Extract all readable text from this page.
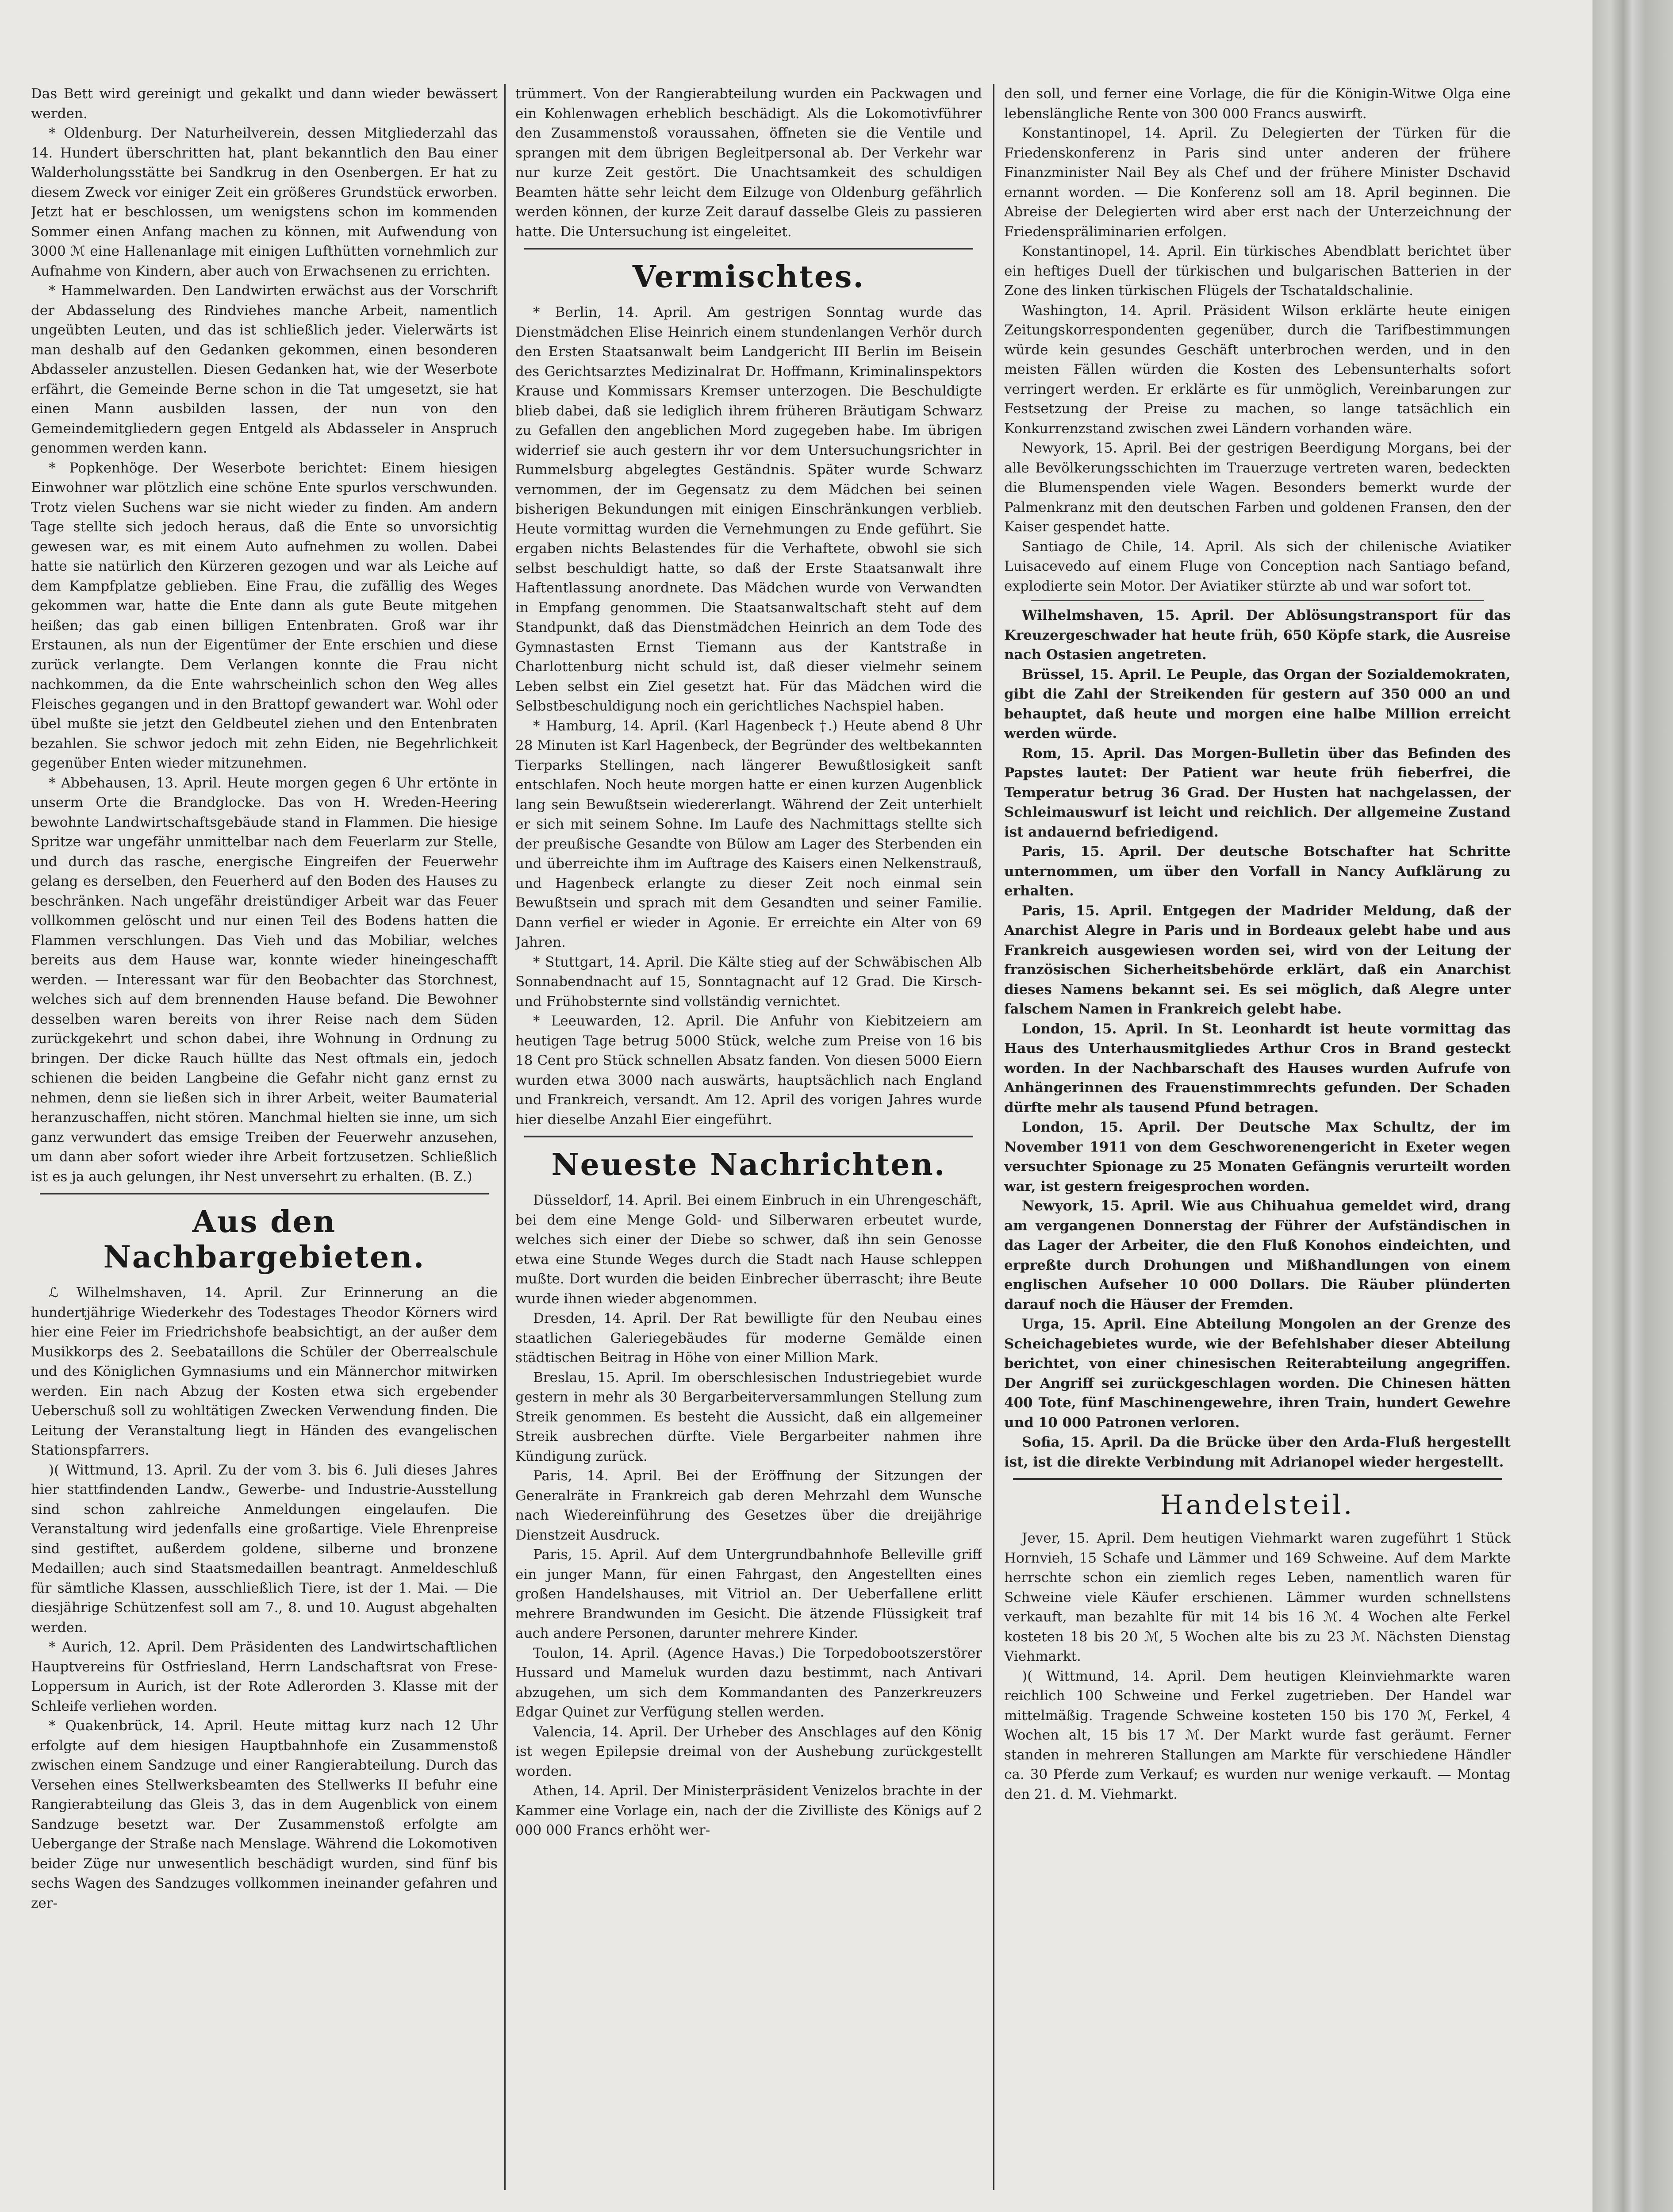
Das Bett wird gereinigt und gekalkt und dann wieder bewässert werden.

* Oldenburg. Der Naturheilverein, dessen Mitgliederzahl das 14. Hundert überschritten hat, plant bekanntlich den Bau einer Walderholungsstätte bei Sandkrug in den Osenbergen. Er hat zu diesem Zweck vor einiger Zeit ein größeres Grundstück erworben. Jetzt hat er beschlossen, um wenigstens schon im kommenden Sommer einen Anfang machen zu können, mit Aufwendung von 3000 ℳ eine Hallenanlage mit einigen Lufthütten vornehmlich zur Aufnahme von Kindern, aber auch von Erwachsenen zu errichten.

* Hammelwarden. Den Landwirten erwächst aus der Vorschrift der Abdasselung des Rindviehes manche Arbeit, namentlich ungeübten Leuten, und das ist schließlich jeder. Vielerwärts ist man deshalb auf den Gedanken gekommen, einen besonderen Abdasseler anzustellen. Diesen Gedanken hat, wie der Weserbote erfährt, die Gemeinde Berne schon in die Tat umgesetzt, sie hat einen Mann ausbilden lassen, der nun von den Gemeindemitgliedern gegen Entgeld als Abdasseler in Anspruch genommen werden kann.

* Popkenhöge. Der Weserbote berichtet: Einem hiesigen Einwohner war plötzlich eine schöne Ente spurlos verschwunden. Trotz vielen Suchens war sie nicht wieder zu finden. Am andern Tage stellte sich jedoch heraus, daß die Ente so unvorsichtig gewesen war, es mit einem Auto aufnehmen zu wollen. Dabei hatte sie natürlich den Kürzeren gezogen und war als Leiche auf dem Kampfplatze geblieben. Eine Frau, die zufällig des Weges gekommen war, hatte die Ente dann als gute Beute mitgehen heißen; das gab einen billigen Entenbraten. Groß war ihr Erstaunen, als nun der Eigentümer der Ente erschien und diese zurück verlangte. Dem Verlangen konnte die Frau nicht nachkommen, da die Ente wahrscheinlich schon den Weg alles Fleisches gegangen und in den Brattopf gewandert war. Wohl oder übel mußte sie jetzt den Geldbeutel ziehen und den Entenbraten bezahlen. Sie schwor jedoch mit zehn Eiden, nie Begehrlichkeit gegenüber Enten wieder mitzunehmen.

* Abbehausen, 13. April. Heute morgen gegen 6 Uhr ertönte in unserm Orte die Brandglocke. Das von H. Wreden-Heering bewohnte Landwirtschaftsgebäude stand in Flammen. Die hiesige Spritze war ungefähr unmittelbar nach dem Feuerlarm zur Stelle, und durch das rasche, energische Eingreifen der Feuerwehr gelang es derselben, den Feuerherd auf den Boden des Hauses zu beschränken. Nach ungefähr dreistündiger Arbeit war das Feuer vollkommen gelöscht und nur einen Teil des Bodens hatten die Flammen verschlungen. Das Vieh und das Mobiliar, welches bereits aus dem Hause war, konnte wieder hineingeschafft werden. — Interessant war für den Beobachter das Storchnest, welches sich auf dem brennenden Hause befand. Die Bewohner desselben waren bereits von ihrer Reise nach dem Süden zurückgekehrt und schon dabei, ihre Wohnung in Ordnung zu bringen. Der dicke Rauch hüllte das Nest oftmals ein, jedoch schienen die beiden Langbeine die Gefahr nicht ganz ernst zu nehmen, denn sie ließen sich in ihrer Arbeit, weiter Baumaterial heranzuschaffen, nicht stören. Manchmal hielten sie inne, um sich ganz verwundert das emsige Treiben der Feuerwehr anzusehen, um dann aber sofort wieder ihre Arbeit fortzusetzen. Schließlich ist es ja auch gelungen, ihr Nest unversehrt zu erhalten. (B. Z.)

Aus den Nachbargebieten.

ℒ Wilhelmshaven, 14. April. Zur Erinnerung an die hundertjährige Wiederkehr des Todestages Theodor Körners wird hier eine Feier im Friedrichshofe beabsichtigt, an der außer dem Musikkorps des 2. Seebataillons die Schüler der Oberrealschule und des Königlichen Gymnasiums und ein Männerchor mitwirken werden. Ein nach Abzug der Kosten etwa sich ergebender Ueberschuß soll zu wohltätigen Zwecken Verwendung finden. Die Leitung der Veranstaltung liegt in Händen des evangelischen Stationspfarrers.

)( Wittmund, 13. April. Zu der vom 3. bis 6. Juli dieses Jahres hier stattfindenden Landw., Gewerbe- und Industrie-Ausstellung sind schon zahlreiche Anmeldungen eingelaufen. Die Veranstaltung wird jedenfalls eine großartige. Viele Ehrenpreise sind gestiftet, außerdem goldene, silberne und bronzene Medaillen; auch sind Staatsmedaillen beantragt. Anmeldeschluß für sämtliche Klassen, ausschließlich Tiere, ist der 1. Mai. — Die diesjährige Schützenfest soll am 7., 8. und 10. August abgehalten werden.

* Aurich, 12. April. Dem Präsidenten des Landwirtschaftlichen Hauptvereins für Ostfriesland, Herrn Landschaftsrat von Frese-Loppersum in Aurich, ist der Rote Adlerorden 3. Klasse mit der Schleife verliehen worden.

* Quakenbrück, 14. April. Heute mittag kurz nach 12 Uhr erfolgte auf dem hiesigen Hauptbahnhofe ein Zusammenstoß zwischen einem Sandzuge und einer Rangierabteilung. Durch das Versehen eines Stellwerksbeamten des Stellwerks II befuhr eine Rangierabteilung das Gleis 3, das in dem Augenblick von einem Sandzuge besetzt war. Der Zusammenstoß erfolgte am Uebergange der Straße nach Menslage. Während die Lokomotiven beider Züge nur unwesentlich beschädigt wurden, sind fünf bis sechs Wagen des Sandzuges vollkommen ineinander gefahren und zer-

trümmert. Von der Rangierabteilung wurden ein Packwagen und ein Kohlenwagen erheblich beschädigt. Als die Lokomotivführer den Zusammenstoß voraussahen, öffneten sie die Ventile und sprangen mit dem übrigen Begleitpersonal ab. Der Verkehr war nur kurze Zeit gestört. Die Unachtsamkeit des schuldigen Beamten hätte sehr leicht dem Eilzuge von Oldenburg gefährlich werden können, der kurze Zeit darauf dasselbe Gleis zu passieren hatte. Die Untersuchung ist eingeleitet.

Vermischtes.

* Berlin, 14. April. Am gestrigen Sonntag wurde das Dienstmädchen Elise Heinrich einem stundenlangen Verhör durch den Ersten Staatsanwalt beim Landgericht III Berlin im Beisein des Gerichtsarztes Medizinalrat Dr. Hoffmann, Kriminalinspektors Krause und Kommissars Kremser unterzogen. Die Beschuldigte blieb dabei, daß sie lediglich ihrem früheren Bräutigam Schwarz zu Gefallen den angeblichen Mord zugegeben habe. Im übrigen widerrief sie auch gestern ihr vor dem Untersuchungsrichter in Rummelsburg abgelegtes Geständnis. Später wurde Schwarz vernommen, der im Gegensatz zu dem Mädchen bei seinen bisherigen Bekundungen mit einigen Einschränkungen verblieb. Heute vormittag wurden die Vernehmungen zu Ende geführt. Sie ergaben nichts Belastendes für die Verhaftete, obwohl sie sich selbst beschuldigt hatte, so daß der Erste Staatsanwalt ihre Haftentlassung anordnete. Das Mädchen wurde von Verwandten in Empfang genommen. Die Staatsanwaltschaft steht auf dem Standpunkt, daß das Dienstmädchen Heinrich an dem Tode des Gymnastasten Ernst Tiemann aus der Kantstraße in Charlottenburg nicht schuld ist, daß dieser vielmehr seinem Leben selbst ein Ziel gesetzt hat. Für das Mädchen wird die Selbstbeschuldigung noch ein gerichtliches Nachspiel haben.

* Hamburg, 14. April. (Karl Hagenbeck †.) Heute abend 8 Uhr 28 Minuten ist Karl Hagenbeck, der Begründer des weltbekannten Tierparks Stellingen, nach längerer Bewußtlosigkeit sanft entschlafen. Noch heute morgen hatte er einen kurzen Augenblick lang sein Bewußtsein wiedererlangt. Während der Zeit unterhielt er sich mit seinem Sohne. Im Laufe des Nachmittags stellte sich der preußische Gesandte von Bülow am Lager des Sterbenden ein und überreichte ihm im Auftrage des Kaisers einen Nelkenstrauß, und Hagenbeck erlangte zu dieser Zeit noch einmal sein Bewußtsein und sprach mit dem Gesandten und seiner Familie. Dann verfiel er wieder in Agonie. Er erreichte ein Alter von 69 Jahren.

* Stuttgart, 14. April. Die Kälte stieg auf der Schwäbischen Alb Sonnabendnacht auf 15, Sonntagnacht auf 12 Grad. Die Kirsch- und Frühobsternte sind vollständig vernichtet.

* Leeuwarden, 12. April. Die Anfuhr von Kiebitzeiern am heutigen Tage betrug 5000 Stück, welche zum Preise von 16 bis 18 Cent pro Stück schnellen Absatz fanden. Von diesen 5000 Eiern wurden etwa 3000 nach auswärts, hauptsächlich nach England und Frankreich, versandt. Am 12. April des vorigen Jahres wurde hier dieselbe Anzahl Eier eingeführt.

Neueste Nachrichten.

Düsseldorf, 14. April. Bei einem Einbruch in ein Uhrengeschäft, bei dem eine Menge Gold- und Silberwaren erbeutet wurde, welches sich einer der Diebe so schwer, daß ihn sein Genosse etwa eine Stunde Weges durch die Stadt nach Hause schleppen mußte. Dort wurden die beiden Einbrecher überrascht; ihre Beute wurde ihnen wieder abgenommen.

Dresden, 14. April. Der Rat bewilligte für den Neubau eines staatlichen Galeriegebäudes für moderne Gemälde einen städtischen Beitrag in Höhe von einer Million Mark.

Breslau, 15. April. Im oberschlesischen Industriegebiet wurde gestern in mehr als 30 Bergarbeiterversammlungen Stellung zum Streik genommen. Es besteht die Aussicht, daß ein allgemeiner Streik ausbrechen dürfte. Viele Bergarbeiter nahmen ihre Kündigung zurück.

Paris, 14. April. Bei der Eröffnung der Sitzungen der Generalräte in Frankreich gab deren Mehrzahl dem Wunsche nach Wiedereinführung des Gesetzes über die dreijährige Dienstzeit Ausdruck.

Paris, 15. April. Auf dem Untergrundbahnhofe Belleville griff ein junger Mann, für einen Fahrgast, den Angestellten eines großen Handelshauses, mit Vitriol an. Der Ueberfallene erlitt mehrere Brandwunden im Gesicht. Die ätzende Flüssigkeit traf auch andere Personen, darunter mehrere Kinder.

Toulon, 14. April. (Agence Havas.) Die Torpedobootszerstörer Hussard und Mameluk wurden dazu bestimmt, nach Antivari abzugehen, um sich dem Kommandanten des Panzerkreuzers Edgar Quinet zur Verfügung stellen werden.

Valencia, 14. April. Der Urheber des Anschlages auf den König ist wegen Epilepsie dreimal von der Aushebung zurückgestellt worden.

Athen, 14. April. Der Ministerpräsident Venizelos brachte in der Kammer eine Vorlage ein, nach der die Zivilliste des Königs auf 2 000 000 Francs erhöht wer-

den soll, und ferner eine Vorlage, die für die Königin-Witwe Olga eine lebenslängliche Rente von 300 000 Francs auswirft.

Konstantinopel, 14. April. Zu Delegierten der Türken für die Friedenskonferenz in Paris sind unter anderen der frühere Finanzminister Nail Bey als Chef und der frühere Minister Dschavid ernannt worden. — Die Konferenz soll am 18. April beginnen. Die Abreise der Delegierten wird aber erst nach der Unterzeichnung der Friedenspräliminarien erfolgen.

Konstantinopel, 14. April. Ein türkisches Abendblatt berichtet über ein heftiges Duell der türkischen und bulgarischen Batterien in der Zone des linken türkischen Flügels der Tschataldschalinie.

Washington, 14. April. Präsident Wilson erklärte heute einigen Zeitungskorrespondenten gegenüber, durch die Tarifbestimmungen würde kein gesundes Geschäft unterbrochen werden, und in den meisten Fällen würden die Kosten des Lebensunterhalts sofort verringert werden. Er erklärte es für unmöglich, Vereinbarungen zur Festsetzung der Preise zu machen, so lange tatsächlich ein Konkurrenzstand zwischen zwei Ländern vorhanden wäre.

Newyork, 15. April. Bei der gestrigen Beerdigung Morgans, bei der alle Bevölkerungsschichten im Trauerzuge vertreten waren, bedeckten die Blumenspenden viele Wagen. Besonders bemerkt wurde der Palmenkranz mit den deutschen Farben und goldenen Fransen, den der Kaiser gespendet hatte.

Santiago de Chile, 14. April. Als sich der chilenische Aviatiker Luisacevedo auf einem Fluge von Conception nach Santiago befand, explodierte sein Motor. Der Aviatiker stürzte ab und war sofort tot.

Wilhelmshaven, 15. April. Der Ablösungstransport für das Kreuzergeschwader hat heute früh, 650 Köpfe stark, die Ausreise nach Ostasien angetreten.

Brüssel, 15. April. Le Peuple, das Organ der Sozialdemokraten, gibt die Zahl der Streikenden für gestern auf 350 000 an und behauptet, daß heute und morgen eine halbe Million erreicht werden würde.

Rom, 15. April. Das Morgen-Bulletin über das Befinden des Papstes lautet: Der Patient war heute früh fieberfrei, die Temperatur betrug 36 Grad. Der Husten hat nachgelassen, der Schleimauswurf ist leicht und reichlich. Der allgemeine Zustand ist andauernd befriedigend.

Paris, 15. April. Der deutsche Botschafter hat Schritte unternommen, um über den Vorfall in Nancy Aufklärung zu erhalten.

Paris, 15. April. Entgegen der Madrider Meldung, daß der Anarchist Alegre in Paris und in Bordeaux gelebt habe und aus Frankreich ausgewiesen worden sei, wird von der Leitung der französischen Sicherheitsbehörde erklärt, daß ein Anarchist dieses Namens bekannt sei. Es sei möglich, daß Alegre unter falschem Namen in Frankreich gelebt habe.

London, 15. April. In St. Leonhardt ist heute vormittag das Haus des Unterhausmitgliedes Arthur Cros in Brand gesteckt worden. In der Nachbarschaft des Hauses wurden Aufrufe von Anhängerinnen des Frauenstimmrechts gefunden. Der Schaden dürfte mehr als tausend Pfund betragen.

London, 15. April. Der Deutsche Max Schultz, der im November 1911 von dem Geschworenengericht in Exeter wegen versuchter Spionage zu 25 Monaten Gefängnis verurteilt worden war, ist gestern freigesprochen worden.

Newyork, 15. April. Wie aus Chihuahua gemeldet wird, drang am vergangenen Donnerstag der Führer der Aufständischen in das Lager der Arbeiter, die den Fluß Konohos eindeichten, und erpreßte durch Drohungen und Mißhandlungen von einem englischen Aufseher 10 000 Dollars. Die Räuber plünderten darauf noch die Häuser der Fremden.

Urga, 15. April. Eine Abteilung Mongolen an der Grenze des Scheichagebietes wurde, wie der Befehlshaber dieser Abteilung berichtet, von einer chinesischen Reiterabteilung angegriffen. Der Angriff sei zurückgeschlagen worden. Die Chinesen hätten 400 Tote, fünf Maschinengewehre, ihren Train, hundert Gewehre und 10 000 Patronen verloren.

Sofia, 15. April. Da die Brücke über den Arda-Fluß hergestellt ist, ist die direkte Verbindung mit Adrianopel wieder hergestellt.

Handelsteil.

Jever, 15. April. Dem heutigen Viehmarkt waren zugeführt 1 Stück Hornvieh, 15 Schafe und Lämmer und 169 Schweine. Auf dem Markte herrschte schon ein ziemlich reges Leben, namentlich waren für Schweine viele Käufer erschienen. Lämmer wurden schnellstens verkauft, man bezahlte für mit 14 bis 16 ℳ. 4 Wochen alte Ferkel kosteten 18 bis 20 ℳ, 5 Wochen alte bis zu 23 ℳ. Nächsten Dienstag Viehmarkt.

)( Wittmund, 14. April. Dem heutigen Kleinviehmarkte waren reichlich 100 Schweine und Ferkel zugetrieben. Der Handel war mittelmäßig. Tragende Schweine kosteten 150 bis 170 ℳ, Ferkel, 4 Wochen alt, 15 bis 17 ℳ. Der Markt wurde fast geräumt. Ferner standen in mehreren Stallungen am Markte für verschiedene Händler ca. 30 Pferde zum Verkauf; es wurden nur wenige verkauft. — Montag den 21. d. M. Viehmarkt.
